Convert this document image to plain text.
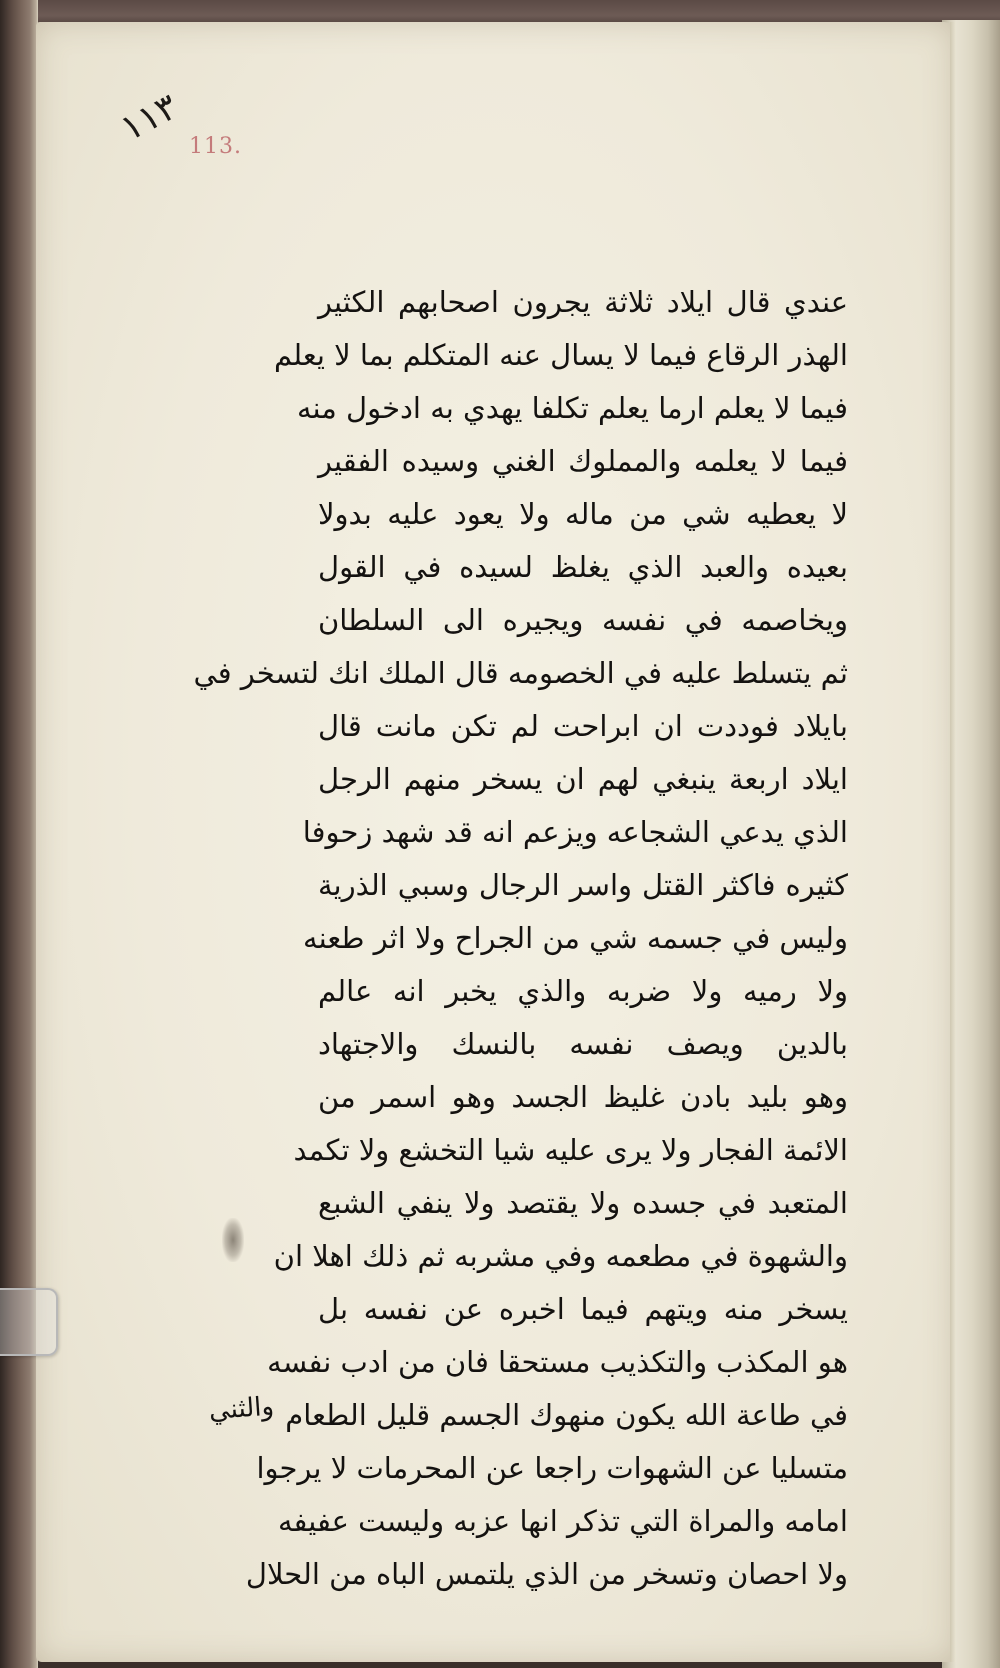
١١٣ 113.
عندي قال ايلاد ثلاثة يجرون اصحابهم الكثير
الهذر الرقاع فيما لا يسال عنه المتكلم بما لا يعلم
فيما لا يعلم ارما يعلم تكلفا يهدي به ادخول منه
فيما لا يعلمه والمملوك الغني وسيده الفقير
لا يعطيه شي من ماله ولا يعود عليه بدولا
بعيده والعبد الذي يغلظ لسيده في القول
ويخاصمه في نفسه ويجيره الى السلطان
ثم يتسلط عليه في الخصومه قال الملك انك لتسخر في
بايلاد فوددت ان ابراحت لم تكن مانت قال
ايلاد اربعة ينبغي لهم ان يسخر منهم الرجل
الذي يدعي الشجاعه ويزعم انه قد شهد زحوفا
كثيره فاكثر القتل واسر الرجال وسبي الذرية
وليس في جسمه شي من الجراح ولا اثر طعنه
ولا رميه ولا ضربه والذي يخبر انه عالم
بالدين ويصف نفسه بالنسك والاجتهاد
وهو بليد بادن غليظ الجسد وهو اسمر من
الائمة الفجار ولا يرى عليه شيا التخشع ولا تكمد
المتعبد في جسده ولا يقتصد ولا ينفي الشبع
والشهوة في مطعمه وفي مشربه ثم ذلك اهلا ان
يسخر منه ويتهم فيما اخبره عن نفسه بل
هو المكذب والتكذيب مستحقا فان من ادب نفسه
في طاعة الله يكون منهوك الجسم قليل الطعام
متسليا عن الشهوات راجعا عن المحرمات لا يرجوا
امامه والمراة التي تذكر انها عزبه وليست عفيفه
ولا احصان وتسخر من الذي يلتمس الباه من الحلال
والثني
